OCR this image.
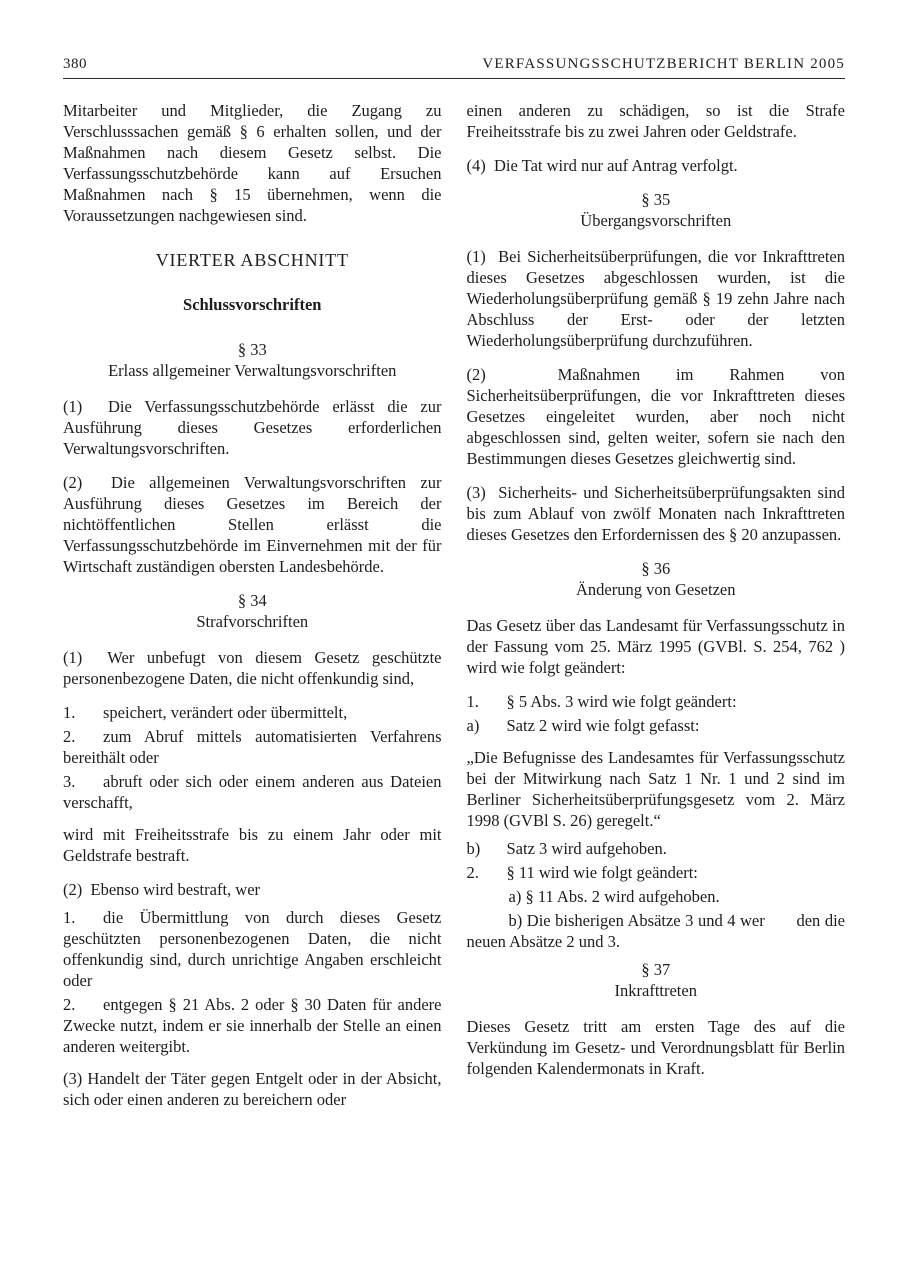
380	VERFASSUNGSSCHUTZBERICHT BERLIN 2005

Mitarbeiter und Mitglieder, die Zugang zu Verschlusssachen gemäß § 6 erhalten sollen, und der Maßnahmen nach diesem Gesetz selbst. Die Verfassungsschutzbehörde kann auf Ersuchen Maßnahmen nach § 15 übernehmen, wenn die Voraussetzungen nachgewiesen sind.

VIERTER ABSCHNITT

Schlussvorschriften

§ 33
Erlass allgemeiner Verwaltungsvorschriften

(1)  Die Verfassungsschutzbehörde erlässt die zur Ausführung dieses Gesetzes erforderlichen Verwaltungsvorschriften.

(2)  Die allgemeinen Verwaltungsvorschriften zur Ausführung dieses Gesetzes im Bereich der nichtöffentlichen Stellen erlässt die Verfassungsschutzbehörde im Einvernehmen mit der für Wirtschaft zuständigen obersten Landesbehörde.

§ 34
Strafvorschriften

(1)  Wer unbefugt von diesem Gesetz geschützte personenbezogene Daten, die nicht offenkundig sind,

1. speichert, verändert oder übermittelt,

2. zum Abruf mittels automatisierten Verfahrens bereithält oder

3. abruft oder sich oder einem anderen aus Dateien verschafft,

wird mit Freiheitsstrafe bis zu einem Jahr oder mit Geldstrafe bestraft.

(2)  Ebenso wird bestraft, wer

1. die Übermittlung von durch dieses Gesetz geschützten personenbezogenen Daten, die nicht offenkundig sind, durch unrichtige Angaben erschleicht oder

2. entgegen § 21 Abs. 2 oder § 30 Daten für andere Zwecke nutzt, indem er sie innerhalb der Stelle an einen anderen weitergibt.

(3) Handelt der Täter gegen Entgelt oder in der Absicht, sich oder einen anderen zu bereichern oder

einen anderen zu schädigen, so ist die Strafe Freiheitsstrafe bis zu zwei Jahren oder Geldstrafe.

(4)  Die Tat wird nur auf Antrag verfolgt.

§ 35
Übergangsvorschriften

(1)  Bei Sicherheitsüberprüfungen, die vor Inkrafttreten dieses Gesetzes abgeschlossen wurden, ist die Wiederholungsüberprüfung gemäß § 19 zehn Jahre nach Abschluss der Erst- oder der letzten Wiederholungsüberprüfung durchzuführen.

(2)  Maßnahmen im Rahmen von Sicherheitsüberprüfungen, die vor Inkrafttreten dieses Gesetzes eingeleitet wurden, aber noch nicht abgeschlossen sind, gelten weiter, sofern sie nach den Bestimmungen dieses Gesetzes gleichwertig sind.

(3)  Sicherheits- und Sicherheitsüberprüfungsakten sind bis zum Ablauf von zwölf Monaten nach Inkrafttreten dieses Gesetzes den Erfordernissen des § 20 anzupassen.

§ 36
Änderung von Gesetzen

Das Gesetz über das Landesamt für Verfassungsschutz in der Fassung vom 25. März 1995 (GVBl. S. 254, 762 ) wird wie folgt geändert:

1. § 5 Abs. 3 wird wie folgt geändert:

a) Satz 2 wird wie folgt gefasst:

„Die Befugnisse des Landesamtes für Verfassungsschutz bei der Mitwirkung nach Satz 1 Nr. 1 und 2 sind im Berliner Sicherheitsüberprüfungsgesetz vom 2. März 1998 (GVBl S. 26) geregelt.“

b) Satz 3 wird aufgehoben.

2. § 11 wird wie folgt geändert:

a) § 11 Abs. 2 wird aufgehoben.

b) Die bisherigen Absätze 3 und 4 wer       den die neuen Absätze 2 und 3.

§ 37
Inkrafttreten

Dieses Gesetz tritt am ersten Tage des auf die Verkündung im Gesetz- und Verordnungsblatt für Berlin folgenden Kalendermonats in Kraft.
